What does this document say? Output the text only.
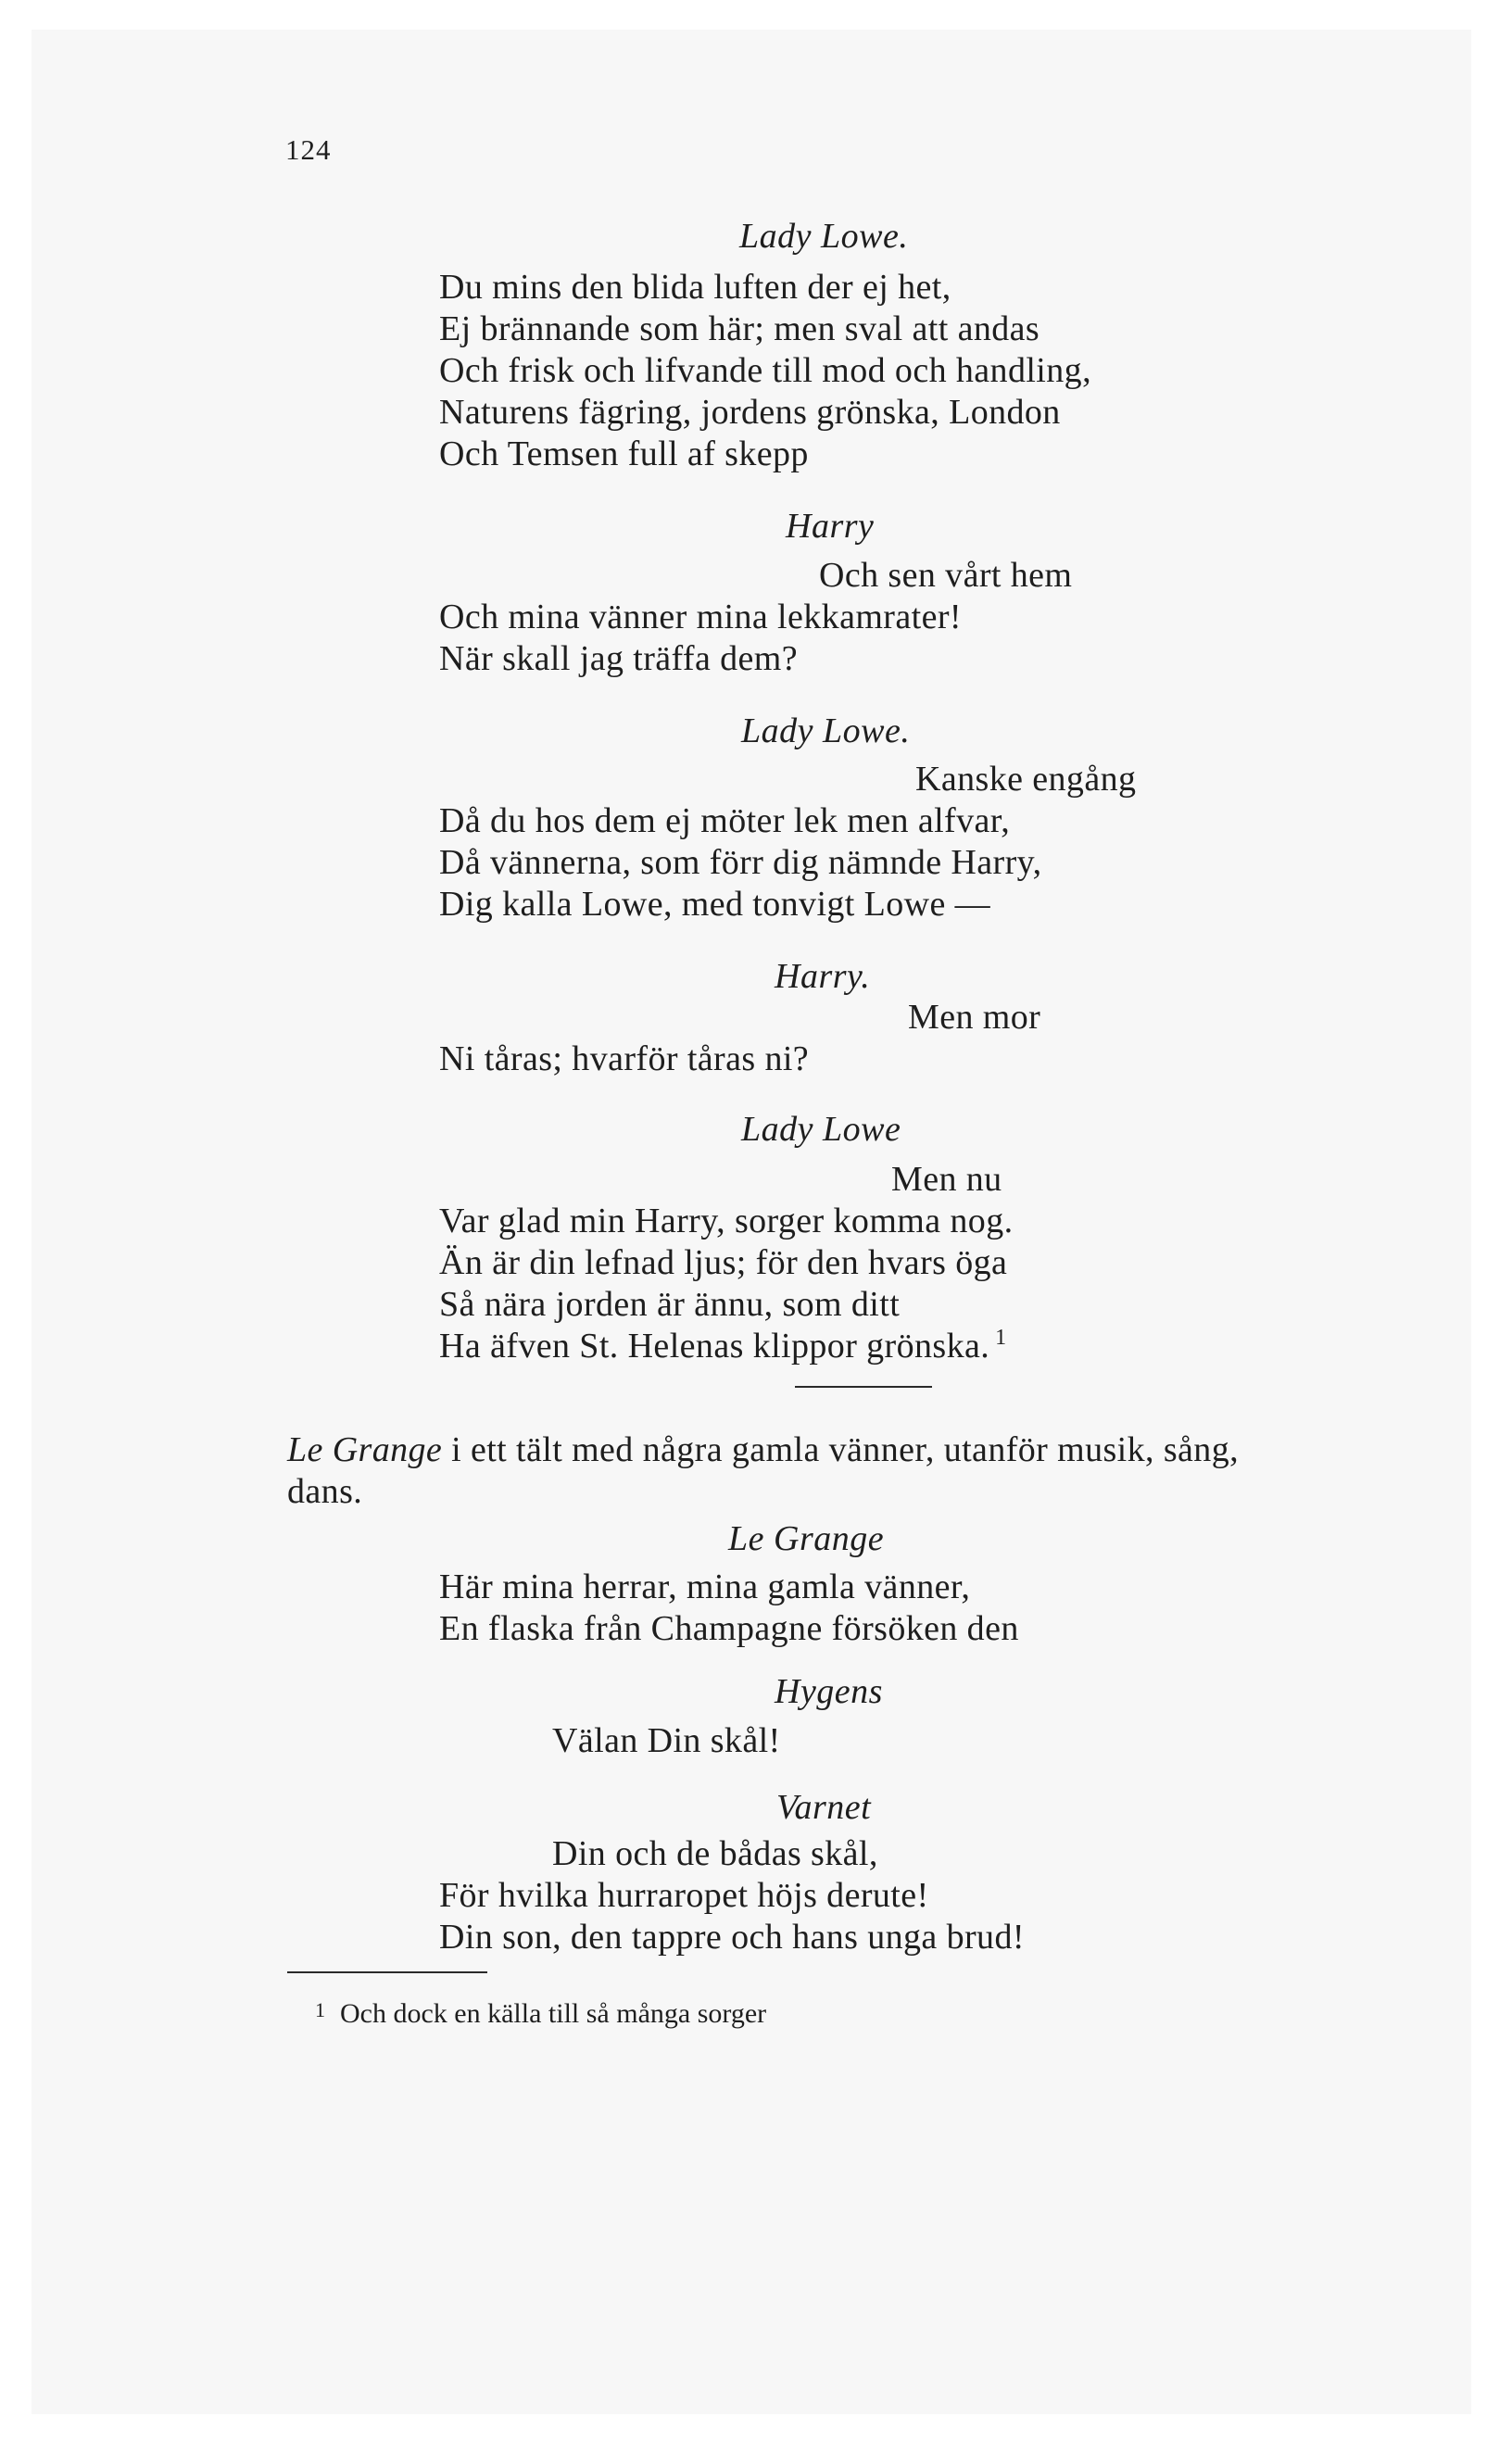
124
Lady Lowe.
Du mins den blida luften der ej het,
Ej brännande som här; men sval att andas
Och frisk och lifvande till mod och handling,
Naturens fägring, jordens grönska, London
Och Temsen full af skepp
Harry
Och sen vårt hem
Och mina vänner mina lekkamrater!
När skall jag träffa dem?
Lady Lowe.
Kanske engång
Då du hos dem ej möter lek men alfvar,
Då vännerna, som förr dig nämnde Harry,
Dig kalla Lowe, med tonvigt Lowe —
Harry.
Men mor
Ni tåras; hvarför tåras ni?
Lady Lowe
Men nu
Var glad min Harry, sorger komma nog.
Än är din lefnad ljus; för den hvars öga
Så nära jorden är ännu, som ditt
Ha äfven St. Helenas klippor grönska. $^1$
Le Grange i ett tält med några gamla vänner, utanför musik, sång,
dans.
Le Grange
Här mina herrar, mina gamla vänner,
En flaska från Champagne försöken den
Hygens
Välan Din skål!
Varnet
Din och de bådas skål,
För hvilka hurraropet höjs derute!
Din son, den tappre och hans unga brud!
$^1$ Och dock en källa till så många sorger
